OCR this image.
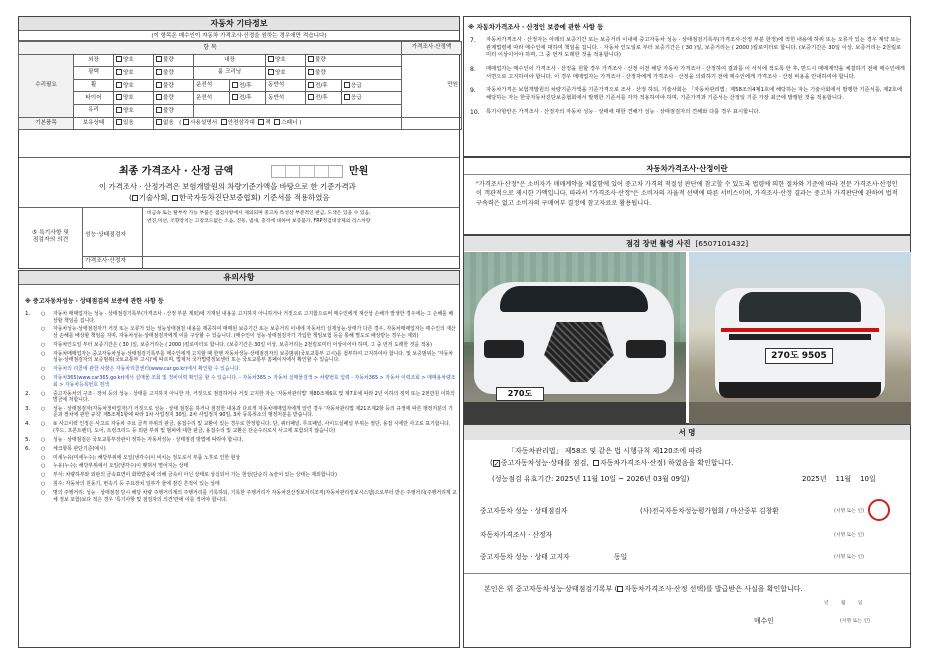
자동차 기타정보
(이 항목은 매수인이 자동차 가격조사·산정을 원하는 경우에만 적습니다)
항 목									가격조사·산정액
수리필요	외장	양호	불량	내장		양호	불량		만원
	광택	양호	불량	룸 크리닝		양호	불량		
	휠	양호	불량	운전석	전/후	동반석	전/후	응급	
	타이어	양호	불량	운전석	전/후	동반석	전/후	응급	
	유리	양호	불량						
기본품목	보유상태	있음	없음   ( 사용설명서 안전삼각대 잭 스패너 )						
최종 가격조사 · 산정 금액	만원
이 가격조사 · 산정가격은 보험개발원의 차량기준가액을 바탕으로 한 기준가격과
( 기술사회, 한국자동차진단보증협회) 기준서를 적용하였음
⑤ 특기사항 및
점검자의 의견
성능·상태점검자
비금속 또는 탈부착 가능 부품은 점검사항에서 제외되며 중고차 특성상 부분적인 판금, 도색은 있을 수 있음,
엔진,미션, 조향장치는 고장코드없는 소음, 진동, 냄새, 충격에 대하여 보증불가, FRP정검대상제외 리스차량
가격조사·산정자
유의사항
※ 중고자동차성능 · 상태점검의 보증에 관한 사항 등
1. ○ 자동차 매매업자는 성능 · 상태점검기록부(가격조사 · 산정 부분 제외)에 기재된 내용을 고지하지 아니하거나 거짓으로 고지함으로써 매수인에게 재산상 손해가 발생한 경우에는 그 손해를 배상할 책임을 집니다.
○ 자동차성능·상태점검자가 거짓 또는 오류가 있는 성능상태점검 내용을 제공하여 매매된 보증기간 또는 보증거리 이내에 자동차의 실제성능·상태가 다른 경우, 자동차매매업자는 매수인의 재산상 손해를 배상할 책임을 지며, 자동차성능·상태점검자에게 이를 구상할 수 있습니다. (매수인이 성능·상태점검자가 가입한 책임보험 등을 통해 별도로 배상받는 경우는 제외)
○ 자동차인도일 부터 보증기간은 ( 30 )일, 보증거리는 ( 2000 )킬로미터로 합니다. (보증기간은 30일 이상, 보증거리는 2천킬로미터 이상이어야 하며, 그 중 먼저 도래한 것을 적용)
○ 자동차매매업자는 중고자동차성능·상태점검기록부를 매수인에게 고지할 때 한행 자동차성능·상태점검자의 보증범위(국토교통부 고시)를 첨부하여 고지하여야 합니다. 및 보증범위는 '자동차성능·상태점검자의 보증범위(국토교통부 고시)'에 따르며, 법제처 국가법령정보센터 또는 국토교통부 홈페이지에서 확인할 수 있습니다.
○ 자동차의 리콜에 관한 사항은 자동차리콜센터(www.car.go.kr)에서 확인할 수 있습니다.
○ 자동차365(www.car365.go.kr)에서 실매물 조회 및 정비이력 확인을 할 수 있습니다. - 자동차365 > 자동차 실매물검색 > 차량번호 입력 - 자동차365 > 자동차 이력조회 > 매매용차량조회 > 자동차등록번호 검색
2. ○ 중고자동차의 구조 · 장치 등의 성능 · 상태를 고지하지 아니한 자, 거짓으로 점검하거나 거짓 고지한 자는 '자동차관리법' 제80조제6호 및 제7호에 따라 2년 이하의 징역 또는 2천만원 이하의 벌금에 처합니다.
3. ○ 성능 · 상태점검자(자동차정비업자)가 거짓으로 성능 · 상태 점검을 하거나 점검한 내용과 다르게 자동차매매업자에게 알린 경우 '자동차관리법 제21조제2항 등의 규정에 따른 행정처분의 기준과 절차에 관한 규칙' 제5조제1항에 따라 1차 사업정지 30일, 2차 사업정지 90일, 3차 등록취소의 행정처분을 받습니다.
4. ○ ⑤ 사고이력 인정은 사고로 자동차 주요 골격 부위의 판금, 용접수리 및 교환이 있는 경우로 한정합니다. 단, 쿼터패널, 루프패널, 사이드실패널 부위는 절단, 용접 시에만 사고로 표기합니다. (후드, 프론트펜더, 도어, 트렁크리드 등 외판 부위 및 범퍼에 대한 판금, 용접수리 및 교환은 단순수리로서 사고에 포함되지 않습니다)
5. ○ 성능 · 상태점검은 국토교통부장관이 정하는 자동차성능 · 상태점검 방법에 따라야 합니다.
6. ○ 체크항목 판단기준(예시)
○ 미세누유(미세누수): 해당부위에 오일(냉각수)이 비치는 정도로서 부품 노후로 인한 현상
○ 누유(누수): 해당부위에서 오일(냉각수)이 맺혀서 떨어지는 상태
○ 부식: 차량하부와 외판의 금속표면이 화학반응에 의해 금속이 아닌 상태로 상실되어 가는 현상(단순히 녹슬어 있는 상태는 제외합니다)
○ 침수: 자동차의 원동기, 변속기 등 주요장치 일부가 물에 잠긴 흔적이 있는 상태
○ 명의 주행거리: 성능 · 상태점검 당시 해당 차량 주행거리계의 주행거리를 기록하되, 기록한 주행거리가 자동차전산정보처리조직(자동차관리정보시스템)으로부터 받은 주행거리(주행거리계 교체 정보 포함)보다 적은 경우 '특기사항 및 점검자의 의견'란에 이를 적어야 합니다.
※ 자동차가격조사 · 산정인 보증에 관한 사항 등
7. 자동차가격조사 · 산정자는 아래의 보증기간 또는 보증거리 이내에 중고자동차 성능 · 상태점검기록부(가격조사·산정 부분 한정)에 적힌 내용에 허위 또는 오류가 있는 경우 계약 또는 관계법령에 따라 매수인에 대하여 책임을 집니다. · 자동차 인도일로 부터 보증기간은 ( 30 )일, 보증거리는 ( 2000 )킬로미터로 합니다. (보증기간은 30일 이상, 보증거리는 2천킬로미터 이상이어야 하며, 그 중 먼저 도래한 것을 적용합니다)
8. 매매업자는 매수인이 가격조사 · 산정을 원할 경우 가격조사 · 산정 이전 해당 자동차 가격조사 · 산정하여 결과를 이 서식에 적도록 한 후, 반드시 매매계약을 체결하기 전에 매수인에게 서면으로 고지하여야 합니다. 이 경우 매매업자는 가격조사 · 산정자에게 가격조사 · 산정을 의뢰하기 전에 매수인에게 가격조사 · 산정 비용을 안내하여야 합니다.
9. 자동차가격은 보험개발원의 차량기준가액을 기준가격으로 조사 · 산정 하되, 기술사회는 「자동차관리법」제58조의4제1호에 해당하는 자는 기술사회에서 발행한 기준서를, 제2호에 해당하는 자는 한국자동차진단보증협회에서 발행한 기준서를 각각 적용하여야 하며, 기준가격과 기준서는 산정일 기준 가장 최근에 발행된 것을 적용합니다.
10. 특기사항란은 가격조사 · 산정자의 자동차 성능 · 상태에 대한 견해가 성능 · 상태점검자의 견해와 다를 경우 표시합니다.
자동차가격조사·산정이란
"가격조사·산정"은 소비자가 매매계약을 체결함에 있어 중고차 가격의 적절성 판단에 참고할 수 있도록 법령에 의한 절차와 기준에 따라 전문 가격조사·산정인이 객관적으로 제시한 가액입니다. 따라서 "가격조사·산정"은 소비자의 자율적 선택에 따른 서비스이며, 가격조사·산정 결과는 중고차 가격판단에 관하여 법적 구속력은 없고 소비자의 구매여부 결정에 참고자료로 활용됩니다.
점검 장면 촬영 사진 [6507101432]
270도
270도 9505
서 명
「자동차관리법」 제58조 및 같은 법 시행규칙 제120조에 따라
(✓중고자동차성능·상태를 점검, 자동차가격조사·산정) 하였음을 확인합니다.
(성능점검 유효기간: 2025년 11월 10일 ~ 2026년 03월 09일)	2025년 11월 10일
중고자동차 성능 · 상태점검자	(사)전국자동차성능평가협회 / 마산중부 김창환	(서명 또는 인)
자동차가격조사 · 산정자	(서명 또는 인)
중고자동차 성능 · 상태 고지자	동일	(서명 또는 인)
본인은 위 중고자동차성능·상태점검기록부 ( 자동차가격조사·산정 선택)를 발급받은 사실을 확인합니다.
년	월	일
매수인	(서명 또는 인)
